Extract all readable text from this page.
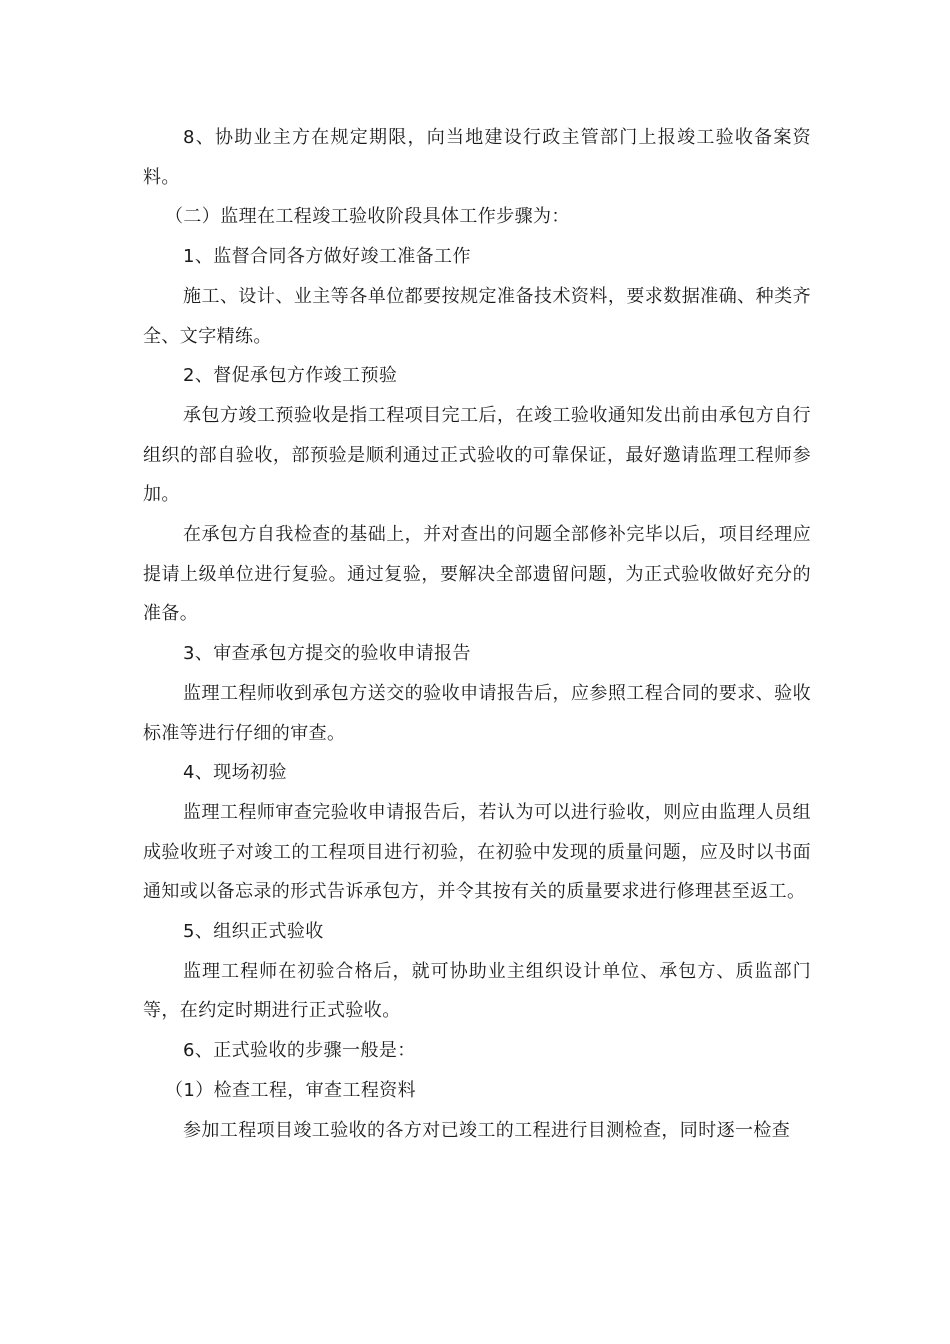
8、协助业主方在规定期限，向当地建设行政主管部门上报竣工验收备案资料。

（二）监理在工程竣工验收阶段具体工作步骤为：

1、监督合同各方做好竣工准备工作

施工、设计、业主等各单位都要按规定准备技术资料，要求数据准确、种类齐全、文字精练。

2、督促承包方作竣工预验

承包方竣工预验收是指工程项目完工后，在竣工验收通知发出前由承包方自行组织的部自验收，部预验是顺利通过正式验收的可靠保证，最好邀请监理工程师参加。

在承包方自我检查的基础上，并对查出的问题全部修补完毕以后，项目经理应提请上级单位进行复验。通过复验，要解决全部遗留问题，为正式验收做好充分的准备。

3、审查承包方提交的验收申请报告

监理工程师收到承包方送交的验收申请报告后，应参照工程合同的要求、验收标准等进行仔细的审查。

4、现场初验

监理工程师审查完验收申请报告后，若认为可以进行验收，则应由监理人员组成验收班子对竣工的工程项目进行初验，在初验中发现的质量问题，应及时以书面通知或以备忘录的形式告诉承包方，并令其按有关的质量要求进行修理甚至返工。

5、组织正式验收

监理工程师在初验合格后，就可协助业主组织设计单位、承包方、质监部门等，在约定时期进行正式验收。

6、正式验收的步骤一般是：

（1）检查工程，审查工程资料

参加工程项目竣工验收的各方对已竣工的工程进行目测检查，同时逐一检查
